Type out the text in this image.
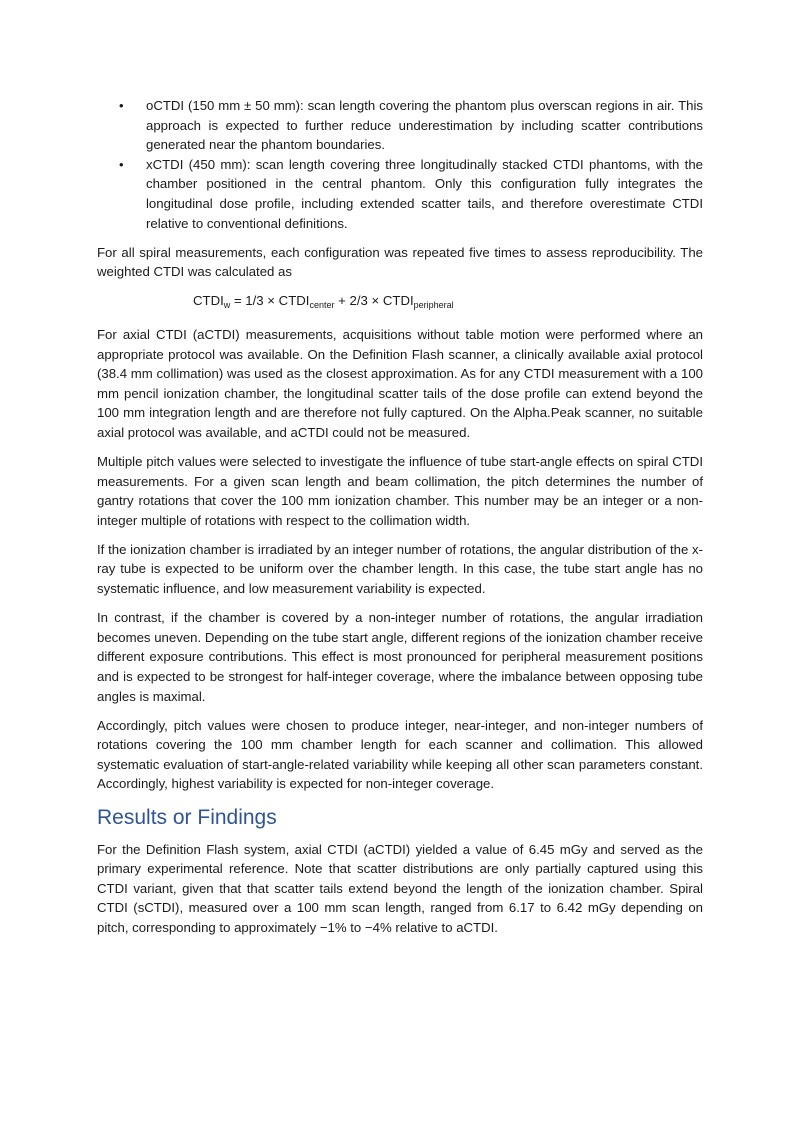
• oCTDI (150 mm ± 50 mm): scan length covering the phantom plus overscan regions in air. This approach is expected to further reduce underestimation by including scatter contributions generated near the phantom boundaries.
• xCTDI (450 mm): scan length covering three longitudinally stacked CTDI phantoms, with the chamber positioned in the central phantom. Only this configuration fully integrates the longitudinal dose profile, including extended scatter tails, and therefore overestimate CTDI relative to conventional definitions.

For all spiral measurements, each configuration was repeated five times to assess reproducibility. The weighted CTDI was calculated as

$CTDI_w = 1/3$ × $CTDI_{center} + 2/3$ × $CTDI_{peripheral}$

For axial CTDI (aCTDI) measurements, acquisitions without table motion were performed where an appropriate protocol was available. On the Definition Flash scanner, a clinically available axial protocol (38.4 mm collimation) was used as the closest approximation. As for any CTDI measurement with a 100 mm pencil ionization chamber, the longitudinal scatter tails of the dose profile can extend beyond the 100 mm integration length and are therefore not fully captured. On the Alpha.Peak scanner, no suitable axial protocol was available, and aCTDI could not be measured.

Multiple pitch values were selected to investigate the influence of tube start-angle effects on spiral CTDI measurements. For a given scan length and beam collimation, the pitch determines the number of gantry rotations that cover the 100 mm ionization chamber. This number may be an integer or a non-integer multiple of rotations with respect to the collimation width.

If the ionization chamber is irradiated by an integer number of rotations, the angular distribution of the x-ray tube is expected to be uniform over the chamber length. In this case, the tube start angle has no systematic influence, and low measurement variability is expected.

In contrast, if the chamber is covered by a non-integer number of rotations, the angular irradiation becomes uneven. Depending on the tube start angle, different regions of the ionization chamber receive different exposure contributions. This effect is most pronounced for peripheral measurement positions and is expected to be strongest for half-integer coverage, where the imbalance between opposing tube angles is maximal.

Accordingly, pitch values were chosen to produce integer, near-integer, and non-integer numbers of rotations covering the 100 mm chamber length for each scanner and collimation. This allowed systematic evaluation of start-angle-related variability while keeping all other scan parameters constant. Accordingly, highest variability is expected for non-integer coverage.

Results or Findings

For the Definition Flash system, axial CTDI (aCTDI) yielded a value of 6.45 mGy and served as the primary experimental reference. Note that scatter distributions are only partially captured using this CTDI variant, given that that scatter tails extend beyond the length of the ionization chamber. Spiral CTDI (sCTDI), measured over a 100 mm scan length, ranged from 6.17 to 6.42 mGy depending on pitch, corresponding to approximately −1% to −4% relative to aCTDI.
